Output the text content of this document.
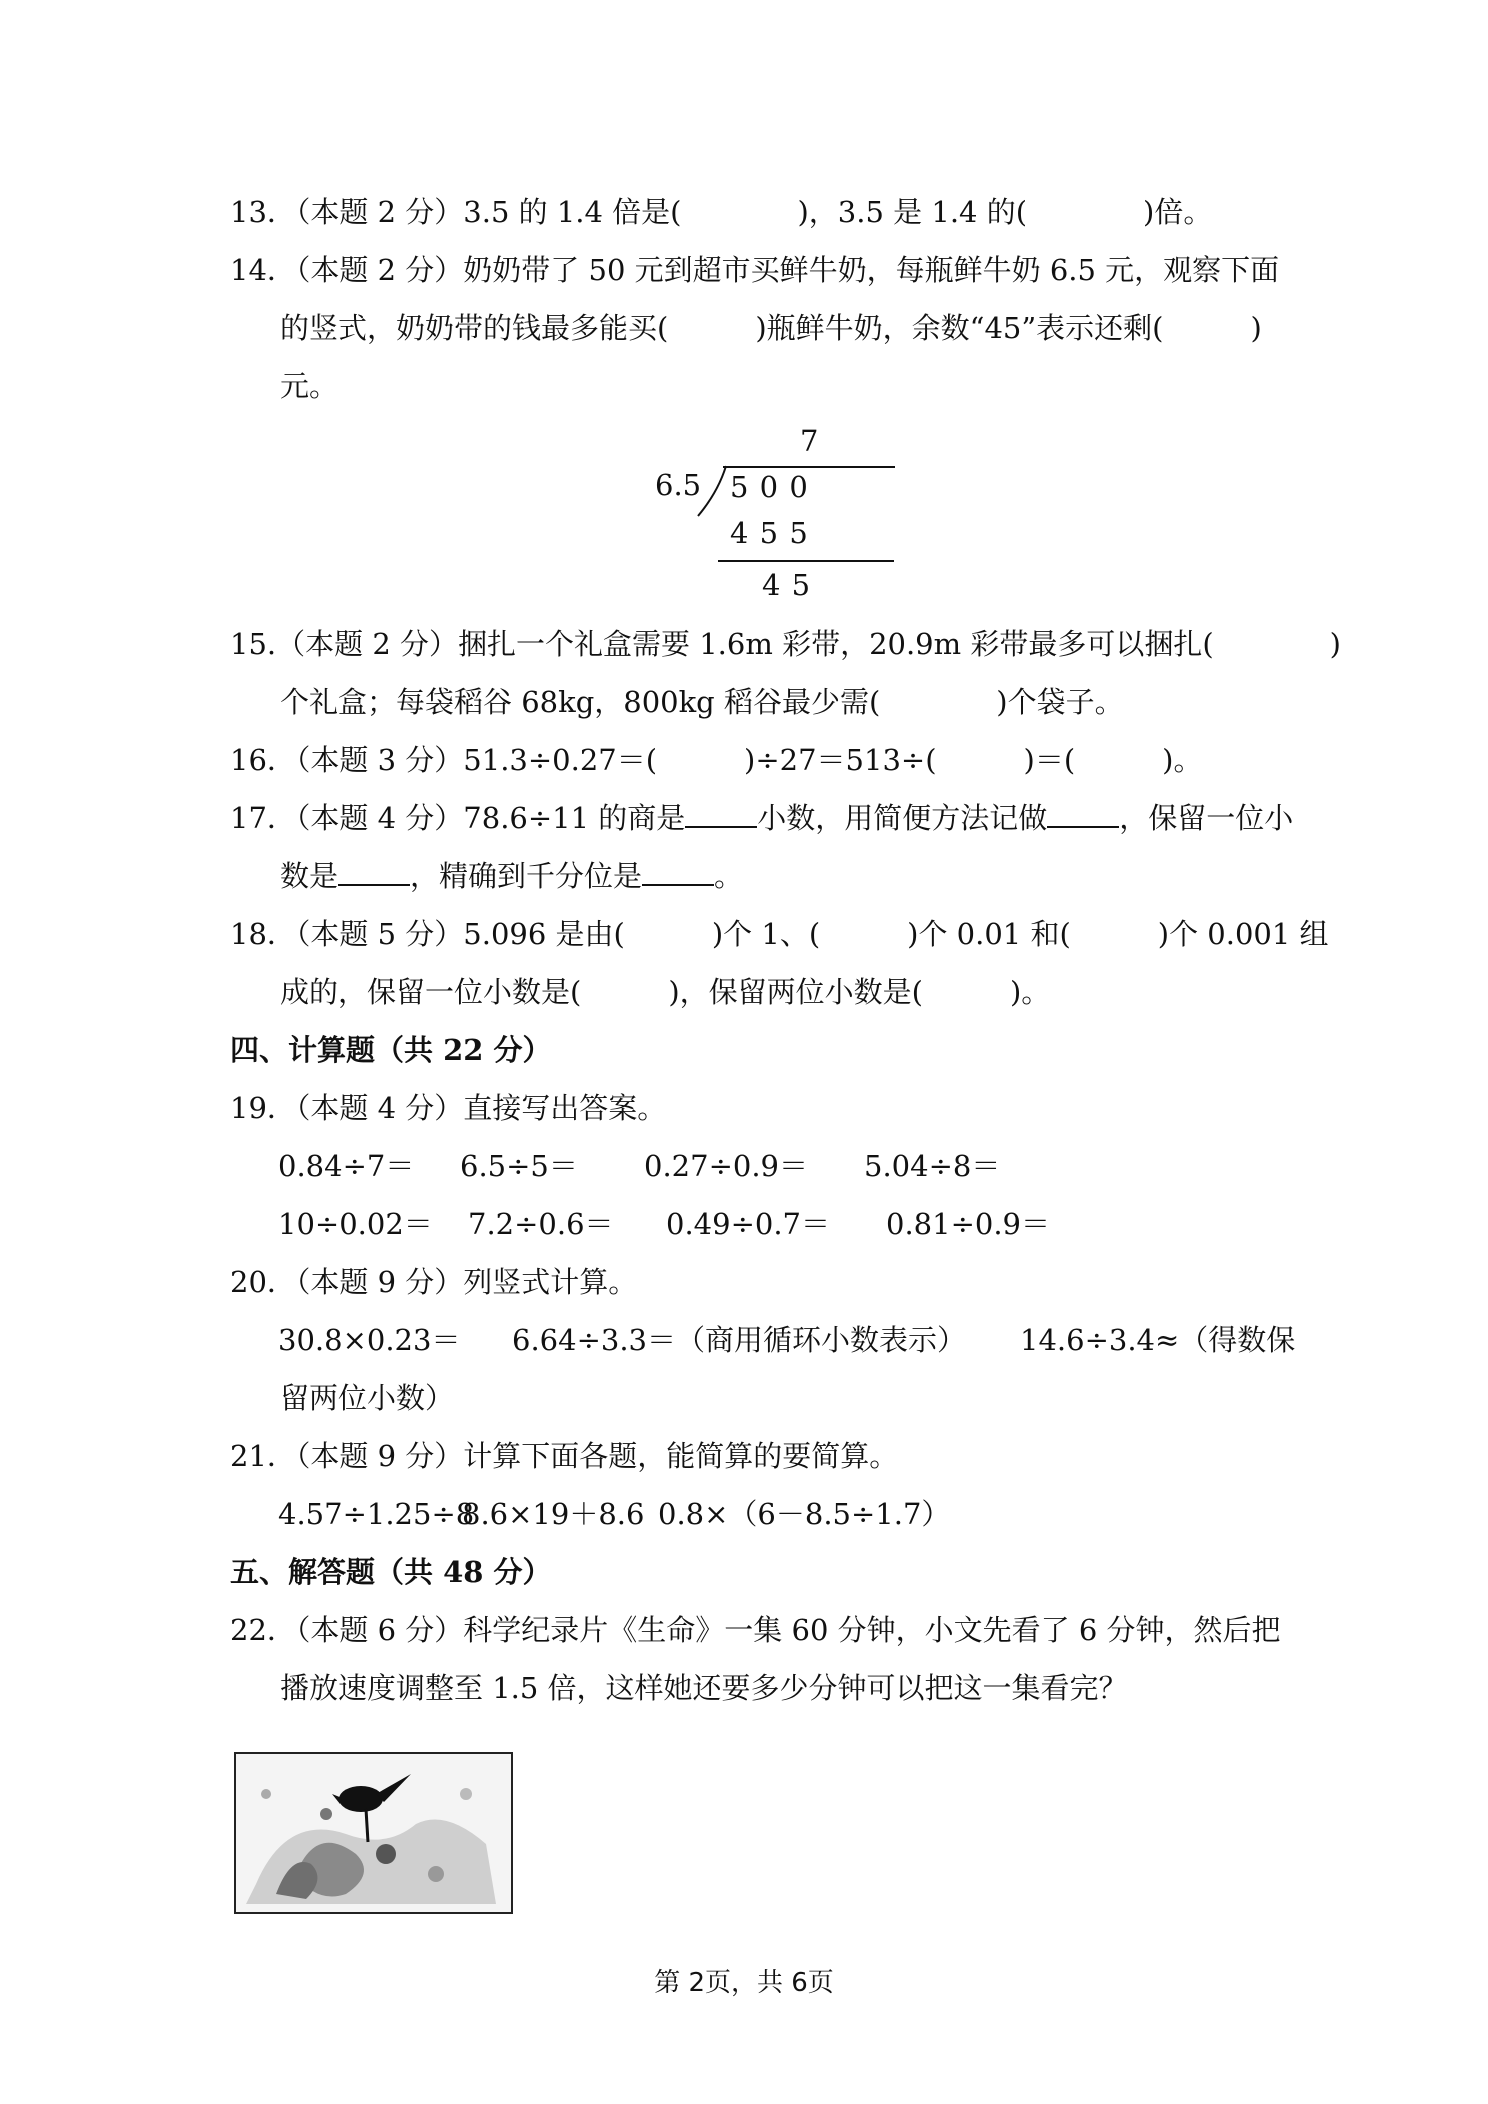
13．（本题 2 分）3.5 的 1.4 倍是(　　　　)，3.5 是 1.4 的(　　　　)倍。
14．（本题 2 分）奶奶带了 50 元到超市买鲜牛奶，每瓶鲜牛奶 6.5 元，观察下面
的竖式，奶奶带的钱最多能买(　　　)瓶鲜牛奶，余数“45”表示还剩(　　　)
元。
7
6.5 5 0 0
4 5 5
4 5
15.（本题 2 分）捆扎一个礼盒需要 1.6m 彩带，20.9m 彩带最多可以捆扎(　　　　)
个礼盒；每袋稻谷 68kg，800kg 稻谷最少需(　　　　)个袋子。
16．（本题 3 分）51.3÷0.27＝(　　　)÷27＝513÷(　　　)＝(　　　)。
17．（本题 4 分）78.6÷11 的商是 小数，用简便方法记做 ，保留一位小
数是 ，精确到千分位是 。
18．（本题 5 分）5.096 是由(　　　)个 1、(　　　)个 0.01 和(　　　)个 0.001 组
成的，保留一位小数是(　　　)，保留两位小数是(　　　)。
四、计算题（共 22 分）
19．（本题 4 分）直接写出答案。
0.84÷7＝ 6.5÷5＝ 0.27÷0.9＝ 5.04÷8＝
10÷0.02＝ 7.2÷0.6＝ 0.49÷0.7＝ 0.81÷0.9＝
20．（本题 9 分）列竖式计算。
30.8×0.23＝ 6.64÷3.3＝（商用循环小数表示） 14.6÷3.4≈（得数保
留两位小数）
21．（本题 9 分）计算下面各题，能简算的要简算。
4.57÷1.25÷8
8.6×19＋8.6 0.8×（6－8.5÷1.7）
五、解答题（共 48 分）
22．（本题 6 分）科学纪录片《生命》一集 60 分钟，小文先看了 6 分钟，然后把
播放速度调整至 1.5 倍，这样她还要多少分钟可以把这一集看完？
第 2页，共 6页
